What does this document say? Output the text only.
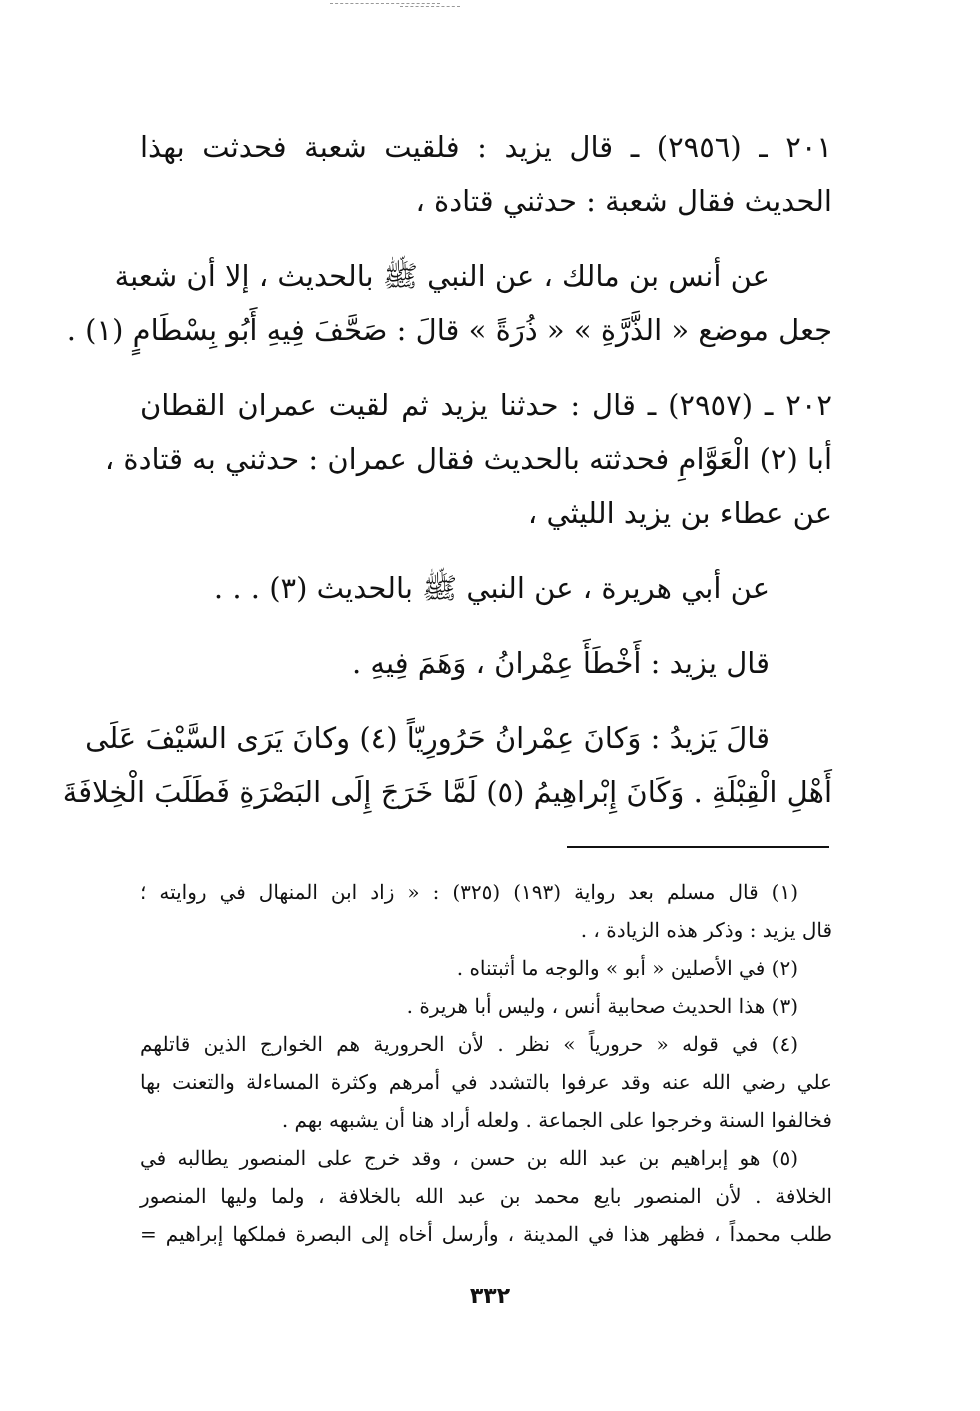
٢٠١ ـ (٢٩٥٦) ـ قال يزيد : فلقيت شعبة فحدثت بهذا
الحديث فقال شعبة : حدثني قتادة ،
عن أنس بن مالك ، عن النبي ﷺ بالحديث ، إلا أن شعبة
جعل موضع « الذَّرَّةِ » « ذُرَةً » قالَ : صَحَّفَ فِيهِ أَبُو بِسْطَامٍ (١) .
٢٠٢ ـ (٢٩٥٧) ـ قال : حدثنا يزيد ثم لقيت عمران القطان
أبا (٢) الْعَوَّامِ فحدثته بالحديث فقال عمران : حدثني به قتادة ،
عن عطاء بن يزيد الليثي ،
عن أبي هريرة ، عن النبي ﷺ بالحديث (٣) . . .
قال يزيد : أَخْطَأَ عِمْرانُ ، وَهَمَ فِيهِ .
قالَ يَزيدُ : وَكانَ عِمْرانُ حَرُورِيّاً (٤) وكانَ يَرَى السَّيْفَ عَلَى
أَهْلِ الْقِبْلَةِ . وَكَانَ إِبْراهِيمُ (٥) لَمَّا خَرَجَ إِلَى البَصْرَةِ فَطَلَبَ الْخِلافَةَ
(١) قال مسلم بعد رواية (١٩٣) (٣٢٥) : « زاد ابن المنهال في روايته ؛
قال يزيد : وذكر هذه الزيادة ، .
(٢) في الأصلين « أبو » والوجه ما أثبتناه .
(٣) هذا الحديث صحابية أنس ، وليس أبا هريرة .
(٤) في قوله « حرورياً » نظر . لأن الحرورية هم الخوارج الذين قاتلهم
علي رضي الله عنه وقد عرفوا بالتشدد في أمرهم وكثرة المساءلة والتعنت بها
فخالفوا السنة وخرجوا على الجماعة . ولعله أراد هنا أن يشبهه بهم .
(٥) هو إبراهيم بن عبد الله بن حسن ، وقد خرج على المنصور يطالبه في
الخلافة . لأن المنصور بايع محمد بن عبد الله بالخلافة ، ولما وليها المنصور
طلب محمداً ، فظهر هذا في المدينة ، وأرسل أخاه إلى البصرة فملكها إبراهيم =
٣٣٢
